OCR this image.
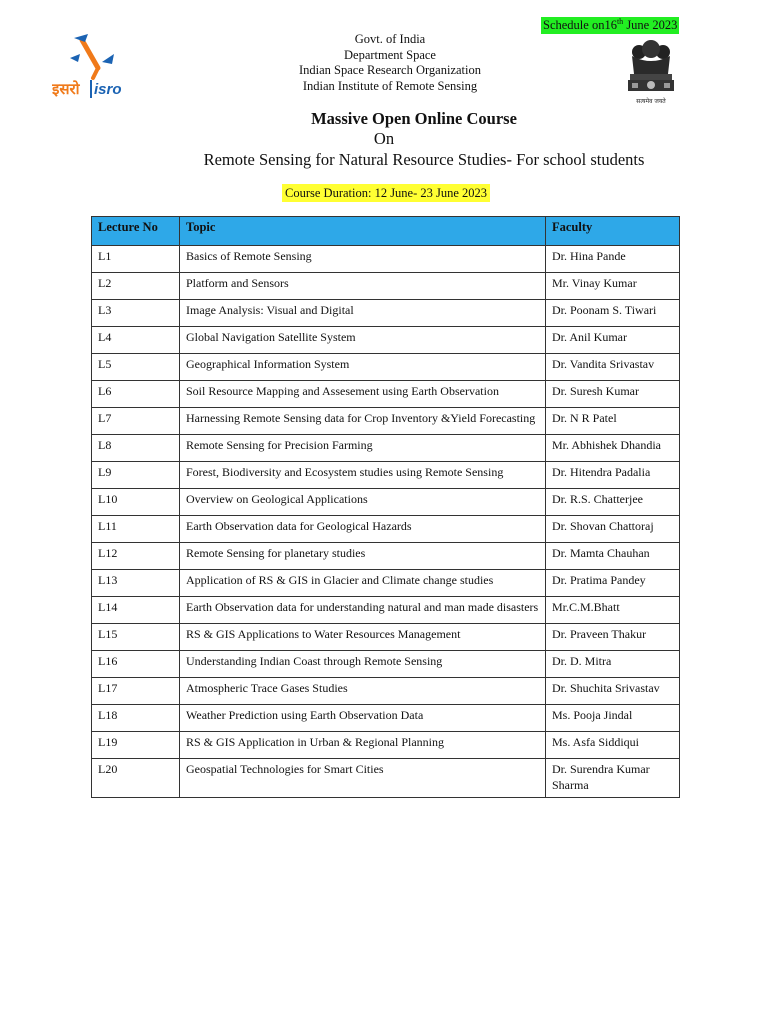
Schedule on16th June 2023
इसरो isro
सत्यमेव जयते
Govt. of India
Department Space
Indian Space Research Organization
Indian Institute of Remote Sensing
Massive Open Online Course
On
Remote Sensing for Natural Resource Studies- For school students
Course Duration: 12 June- 23 June 2023
Lecture No	Topic	Faculty
L1	Basics of Remote Sensing	Dr. Hina Pande
L2	Platform and Sensors	Mr. Vinay Kumar
L3	Image Analysis: Visual and Digital	Dr. Poonam S. Tiwari
L4	Global Navigation Satellite System	Dr. Anil Kumar
L5	Geographical Information System	Dr. Vandita Srivastav
L6	Soil Resource Mapping and Assesement using Earth Observation	Dr. Suresh Kumar
L7	Harnessing Remote Sensing data for Crop Inventory &Yield Forecasting	Dr. N R Patel
L8	Remote Sensing for Precision Farming	Mr. Abhishek Dhandia
L9	Forest, Biodiversity and Ecosystem studies using Remote Sensing	Dr. Hitendra Padalia
L10	Overview on Geological Applications	Dr. R.S. Chatterjee
L11	Earth Observation data for Geological Hazards	Dr. Shovan Chattoraj
L12	Remote Sensing for planetary studies	Dr. Mamta Chauhan
L13	Application of RS & GIS in Glacier and Climate change studies	Dr. Pratima Pandey
L14	Earth Observation data for understanding natural and man made disasters	Mr.C.M.Bhatt
L15	RS & GIS Applications to Water Resources Management	Dr. Praveen Thakur
L16	Understanding Indian Coast through Remote Sensing	Dr. D. Mitra
L17	Atmospheric Trace Gases Studies	Dr. Shuchita Srivastav
L18	Weather Prediction using Earth Observation Data	Ms. Pooja Jindal
L19	RS & GIS Application in Urban & Regional Planning	Ms. Asfa Siddiqui
L20	Geospatial Technologies for Smart Cities	Dr. Surendra Kumar Sharma
